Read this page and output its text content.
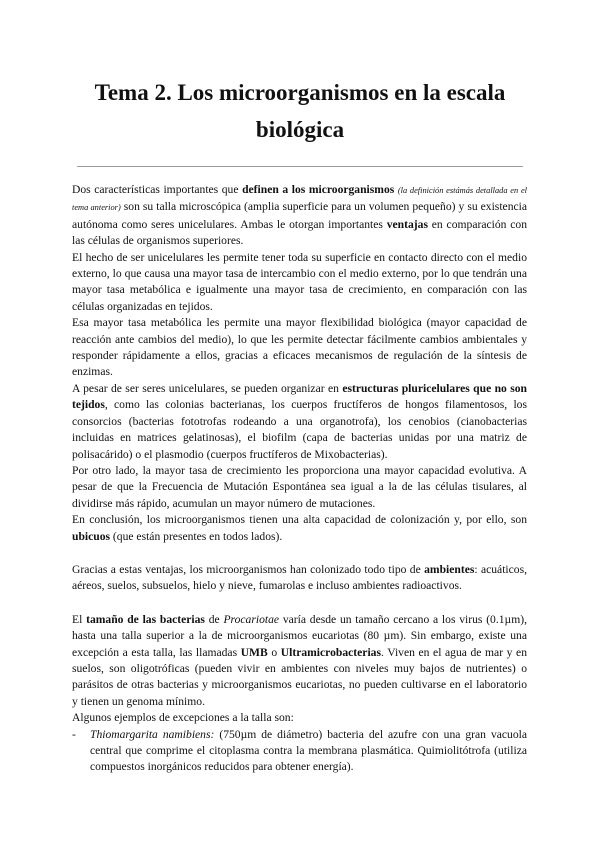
Tema 2. Los microorganismos en la escala biológica

Dos características importantes que definen a los microorganismos (la definición estámás detallada en el tema anterior) son su talla microscópica (amplia superficie para un volumen pequeño) y su existencia autónoma como seres unicelulares. Ambas le otorgan importantes ventajas en comparación con las células de organismos superiores.

El hecho de ser unicelulares les permite tener toda su superficie en contacto directo con el medio externo, lo que causa una mayor tasa de intercambio con el medio externo, por lo que tendrán una mayor tasa metabólica e igualmente una mayor tasa de crecimiento, en comparación con las células organizadas en tejidos.

Esa mayor tasa metabólica les permite una mayor flexibilidad biológica (mayor capacidad de reacción ante cambios del medio), lo que les permite detectar fácilmente cambios ambientales y responder rápidamente a ellos, gracias a eficaces mecanismos de regulación de la síntesis de enzimas.

A pesar de ser seres unicelulares, se pueden organizar en estructuras pluricelulares que no son tejidos, como las colonias bacterianas, los cuerpos fructíferos de hongos filamentosos, los consorcios (bacterias fototrofas rodeando a una organotrofa), los cenobios (cianobacterias incluidas en matrices gelatinosas), el biofilm (capa de bacterias unidas por una matriz de polisacárido) o el plasmodio (cuerpos fructíferos de Mixobacterias).

Por otro lado, la mayor tasa de crecimiento les proporciona una mayor capacidad evolutiva. A pesar de que la Frecuencia de Mutación Espontánea sea igual a la de las células tisulares, al dividirse más rápido, acumulan un mayor número de mutaciones.

En conclusión, los microorganismos tienen una alta capacidad de colonización y, por ello, son ubicuos (que están presentes en todos lados).

Gracias a estas ventajas, los microorganismos han colonizado todo tipo de ambientes: acuáticos, aéreos, suelos, subsuelos, hielo y nieve, fumarolas e incluso ambientes radioactivos.

El tamaño de las bacterias de Procariotae varía desde un tamaño cercano a los virus (0.1µm), hasta una talla superior a la de microorganismos eucariotas (80 µm). Sin embargo, existe una excepción a esta talla, las llamadas UMB o Ultramicrobacterias. Viven en el agua de mar y en suelos, son oligotróficas (pueden vivir en ambientes con niveles muy bajos de nutrientes) o parásitos de otras bacterias y microorganismos eucariotas, no pueden cultivarse en el laboratorio y tienen un genoma mínimo.

Algunos ejemplos de excepciones a la talla son:

- Thiomargarita namibiens: (750µm de diámetro) bacteria del azufre con una gran vacuola central que comprime el citoplasma contra la membrana plasmática. Quimiolitótrofa (utiliza compuestos inorgánicos reducidos para obtener energía).
